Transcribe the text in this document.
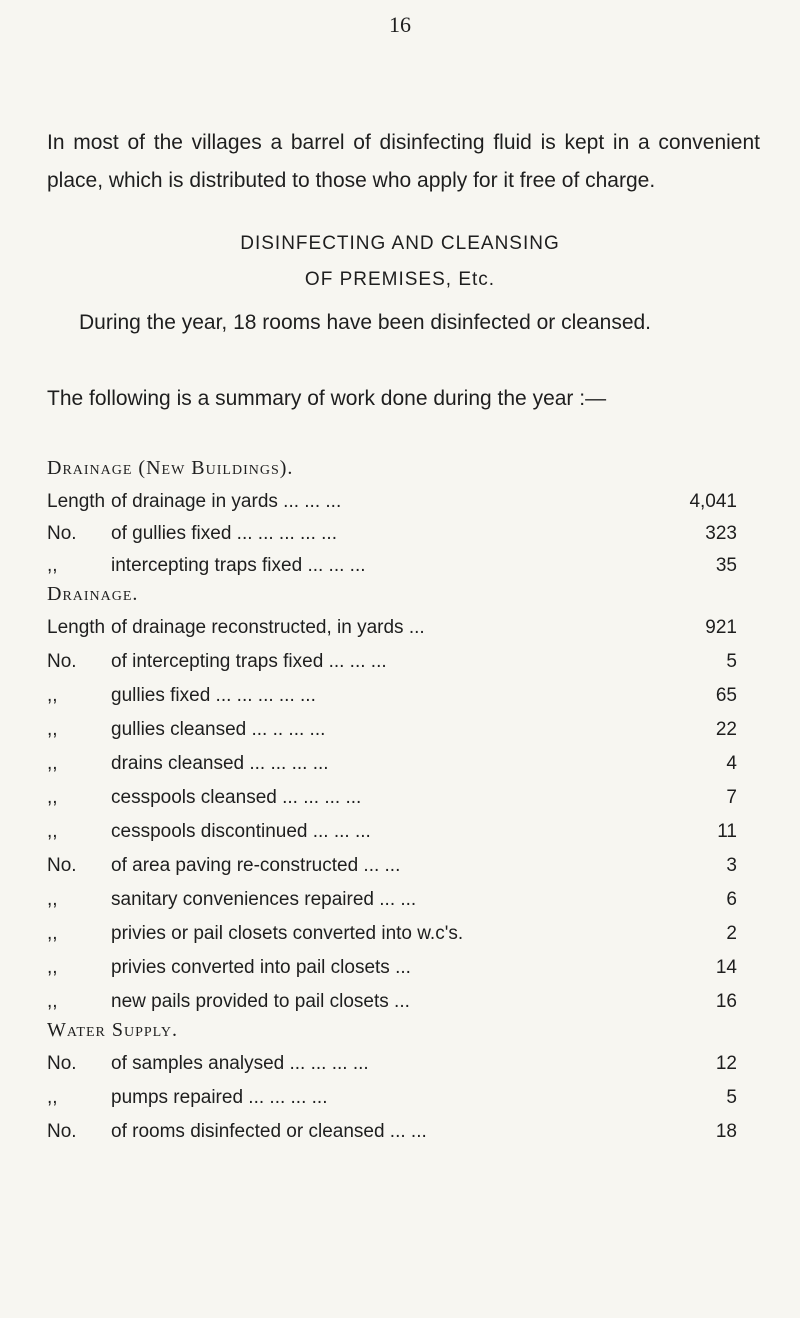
16
In most of the villages a barrel of disinfecting fluid is kept in a convenient place, which is distributed to those who apply for it free of charge.
DISINFECTING AND CLEANSING
OF PREMISES, Etc.
During the year, 18 rooms have been disinfected or cleansed.
The following is a summary of work done during the year :—
Drainage (New Buildings).
Length of drainage in yards ... ... ...	4,041
No. of gullies fixed ... ... ... ... ...	323
,,	intercepting traps fixed ... ... ...	35
Drainage.
Length of drainage reconstructed, in yards ...	921
No. of intercepting traps fixed ... ... ...	5
,,	gullies fixed ... ... ... ... ...	65
,,	gullies cleansed ... .. ... ...	22
,,	drains cleansed ... ... ... ...	4
,,	cesspools cleansed ... ... ... ...	7
,,	cesspools discontinued ... ... ...	11
No. of area paving re-constructed ... ...	3
,,	sanitary conveniences repaired ... ...	6
,,	privies or pail closets converted into w.c's.	2
,,	privies converted into pail closets ...	14
,,	new pails provided to pail closets ...	16
Water Supply.
No. of samples analysed ... ... ... ...	12
,,	pumps repaired ... ... ... ...	5
No. of rooms disinfected or cleansed ... ...	18
